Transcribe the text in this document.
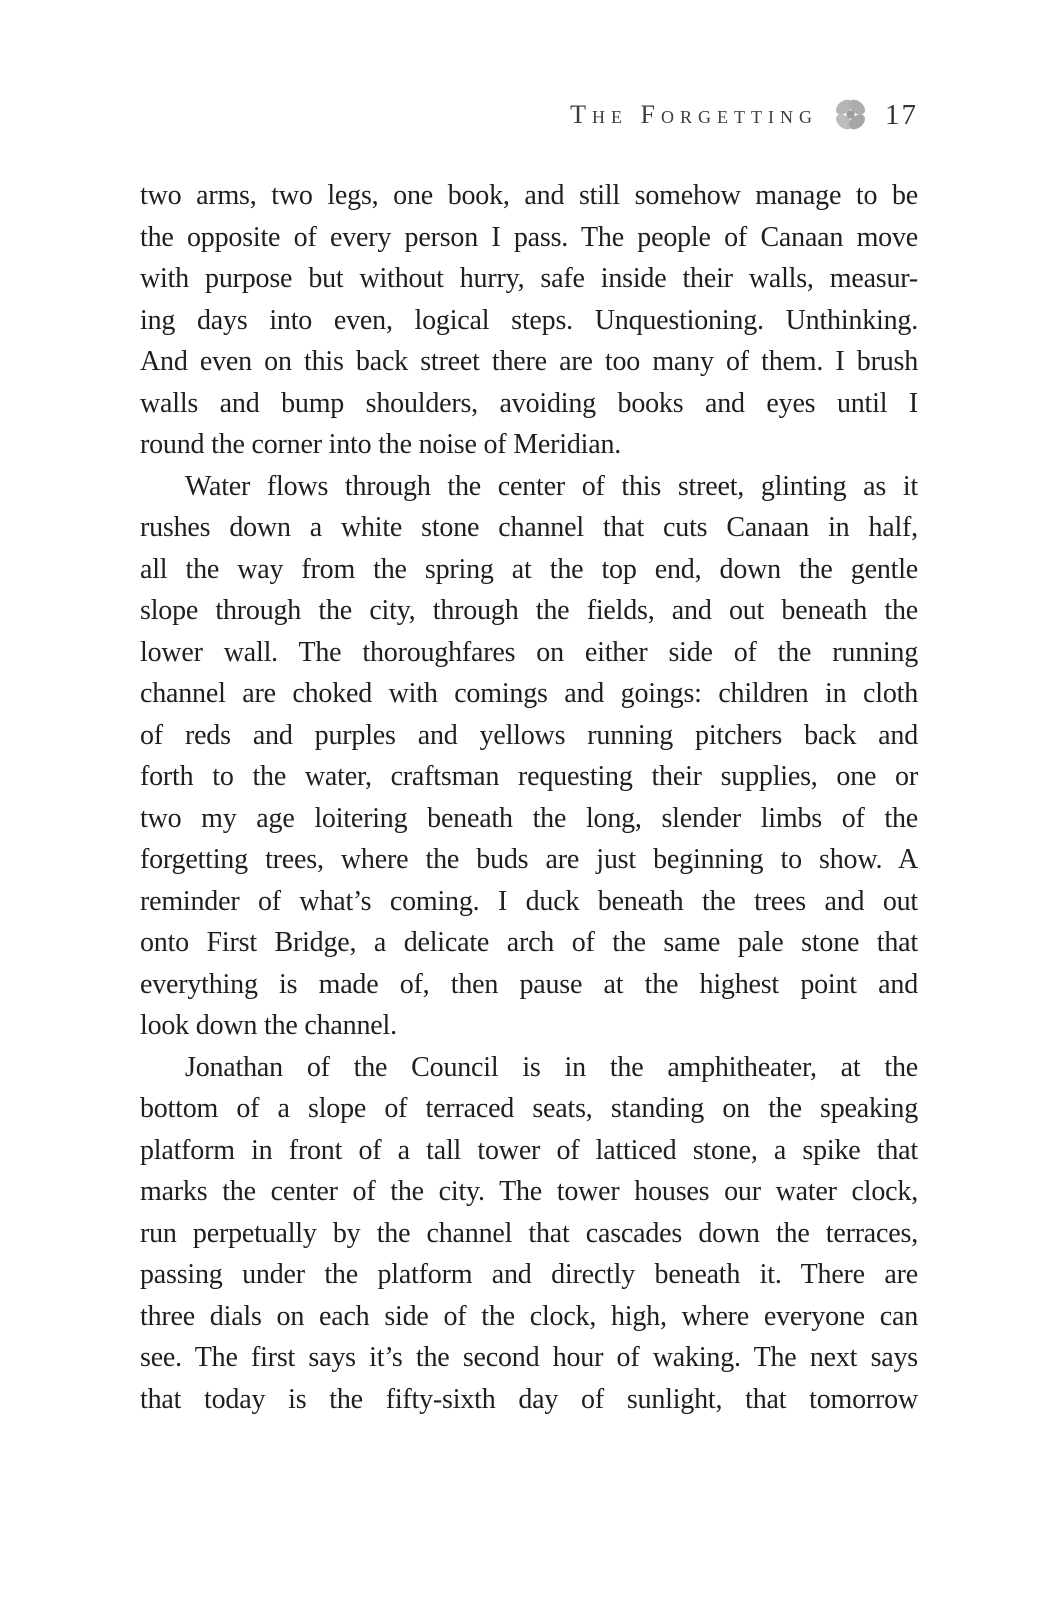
The Forgetting 17

two arms, two legs, one book, and still somehow manage to be
the opposite of every person I pass. The people of Canaan move
with purpose but without hurry, safe inside their walls, measur-
ing days into even, logical steps. Unquestioning. Unthinking.
And even on this back street there are too many of them. I brush
walls and bump shoulders, avoiding books and eyes until I
round the corner into the noise of Meridian.

Water flows through the center of this street, glinting as it
rushes down a white stone channel that cuts Canaan in half,
all the way from the spring at the top end, down the gentle
slope through the city, through the fields, and out beneath the
lower wall. The thoroughfares on either side of the running
channel are choked with comings and goings: children in cloth
of reds and purples and yellows running pitchers back and
forth to the water, craftsman requesting their supplies, one or
two my age loitering beneath the long, slender limbs of the
forgetting trees, where the buds are just beginning to show. A
reminder of what’s coming. I duck beneath the trees and out
onto First Bridge, a delicate arch of the same pale stone that
everything is made of, then pause at the highest point and
look down the channel.

Jonathan of the Council is in the amphitheater, at the
bottom of a slope of terraced seats, standing on the speaking
platform in front of a tall tower of latticed stone, a spike that
marks the center of the city. The tower houses our water clock,
run perpetually by the channel that cascades down the terraces,
passing under the platform and directly beneath it. There are
three dials on each side of the clock, high, where everyone can
see. The first says it’s the second hour of waking. The next says
that today is the fifty-sixth day of sunlight, that tomorrow
